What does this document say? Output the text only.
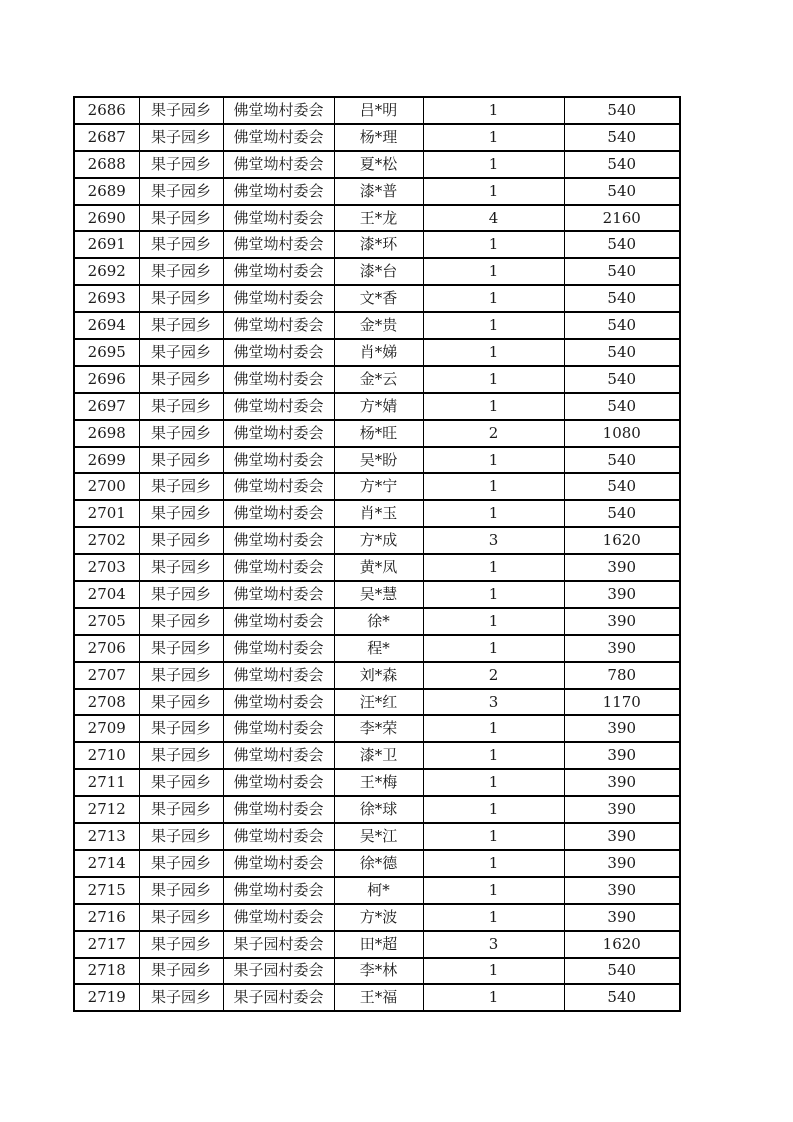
2686	果子园乡	佛堂坳村委会	吕*明	1	540
2687	果子园乡	佛堂坳村委会	杨*理	1	540
2688	果子园乡	佛堂坳村委会	夏*松	1	540
2689	果子园乡	佛堂坳村委会	漆*普	1	540
2690	果子园乡	佛堂坳村委会	王*龙	4	2160
2691	果子园乡	佛堂坳村委会	漆*环	1	540
2692	果子园乡	佛堂坳村委会	漆*台	1	540
2693	果子园乡	佛堂坳村委会	文*香	1	540
2694	果子园乡	佛堂坳村委会	金*贵	1	540
2695	果子园乡	佛堂坳村委会	肖*娣	1	540
2696	果子园乡	佛堂坳村委会	金*云	1	540
2697	果子园乡	佛堂坳村委会	方*婧	1	540
2698	果子园乡	佛堂坳村委会	杨*旺	2	1080
2699	果子园乡	佛堂坳村委会	吴*盼	1	540
2700	果子园乡	佛堂坳村委会	方*宁	1	540
2701	果子园乡	佛堂坳村委会	肖*玉	1	540
2702	果子园乡	佛堂坳村委会	方*成	3	1620
2703	果子园乡	佛堂坳村委会	黄*凤	1	390
2704	果子园乡	佛堂坳村委会	吴*慧	1	390
2705	果子园乡	佛堂坳村委会	徐*	1	390
2706	果子园乡	佛堂坳村委会	程*	1	390
2707	果子园乡	佛堂坳村委会	刘*森	2	780
2708	果子园乡	佛堂坳村委会	汪*红	3	1170
2709	果子园乡	佛堂坳村委会	李*荣	1	390
2710	果子园乡	佛堂坳村委会	漆*卫	1	390
2711	果子园乡	佛堂坳村委会	王*梅	1	390
2712	果子园乡	佛堂坳村委会	徐*球	1	390
2713	果子园乡	佛堂坳村委会	吴*江	1	390
2714	果子园乡	佛堂坳村委会	徐*德	1	390
2715	果子园乡	佛堂坳村委会	柯*	1	390
2716	果子园乡	佛堂坳村委会	方*波	1	390
2717	果子园乡	果子园村委会	田*超	3	1620
2718	果子园乡	果子园村委会	李*林	1	540
2719	果子园乡	果子园村委会	王*福	1	540
